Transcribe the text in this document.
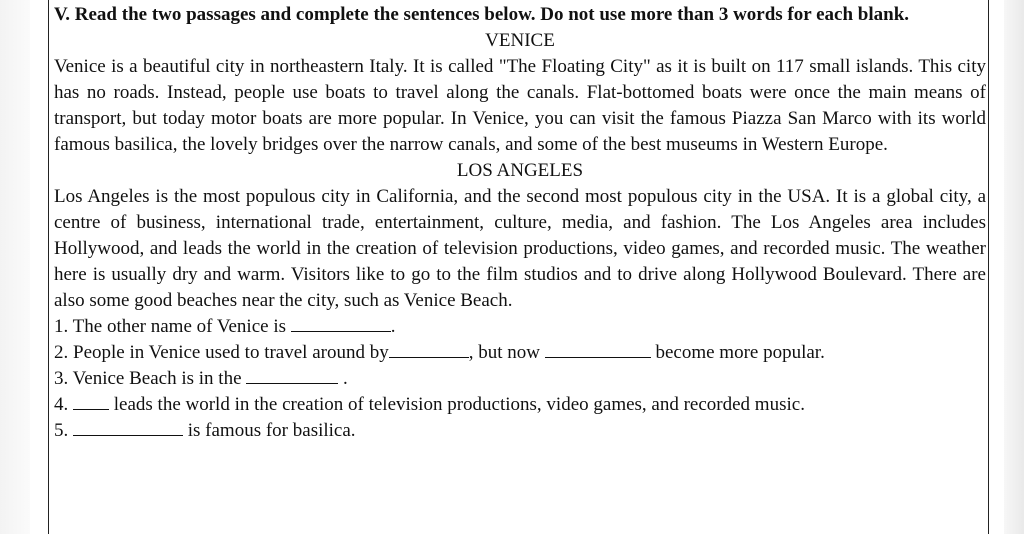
V. Read the two passages and complete the sentences below. Do not use more than 3 words for each blank.

VENICE

Venice is a beautiful city in northeastern Italy. It is called "The Floating City" as it is built on 117 small islands. This city has no roads. Instead, people use boats to travel along the canals. Flat-bottomed boats were once the main means of transport, but today motor boats are more popular. In Venice, you can visit the famous Piazza San Marco with its world famous basilica, the lovely bridges over the narrow canals, and some of the best museums in Western Europe.

LOS ANGELES

Los Angeles is the most populous city in California, and the second most populous city in the USA. It is a global city, a centre of business, international trade, entertainment, culture, media, and fashion. The Los Angeles area includes Hollywood, and leads the world in the creation of television productions, video games, and recorded music. The weather here is usually dry and warm. Visitors like to go to the film studios and to drive along Hollywood Boulevard. There are also some good beaches near the city, such as Venice Beach.

1. The other name of Venice is	.

2. People in Venice used to travel around by	, but now	become more popular.

3. Venice Beach is in the	.

4. leads the world in the creation of television productions, video games, and recorded music.

5.	is famous for basilica.
